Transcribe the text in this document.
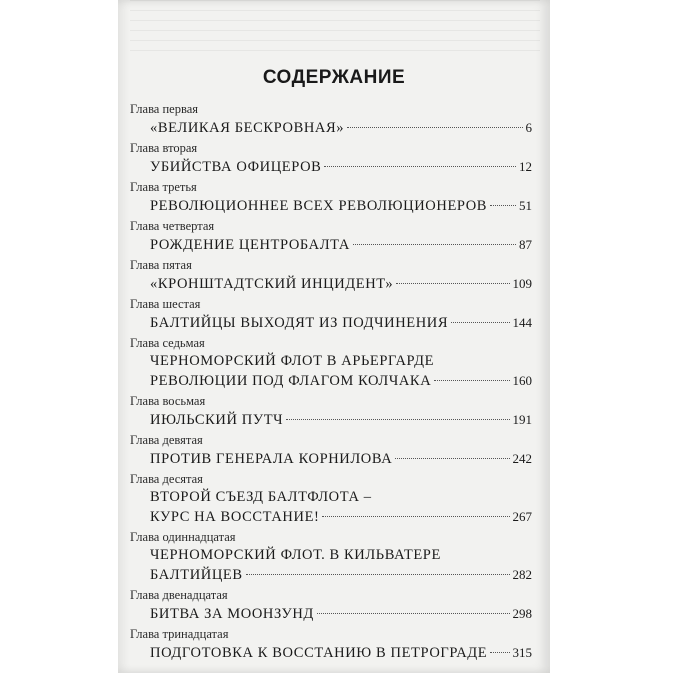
СОДЕРЖАНИЕ
Глава первая
«ВЕЛИКАЯ БЕСКРОВНАЯ»	6
Глава вторая
УБИЙСТВА ОФИЦЕРОВ	12
Глава третья
РЕВОЛЮЦИОННЕЕ ВСЕХ РЕВОЛЮЦИОНЕРОВ 51
Глава четвертая
РОЖДЕНИЕ ЦЕНТРОБАЛТА	87
Глава пятая
«КРОНШТАДТСКИЙ ИНЦИДЕНТ»	109
Глава шестая
БАЛТИЙЦЫ ВЫХОДЯТ ИЗ ПОДЧИНЕНИЯ	144
Глава седьмая
ЧЕРНОМОРСКИЙ ФЛОТ В АРЬЕРГАРДЕ
РЕВОЛЮЦИИ ПОД ФЛАГОМ КОЛЧАКА	160
Глава восьмая
ИЮЛЬСКИЙ ПУТЧ	191
Глава девятая
ПРОТИВ ГЕНЕРАЛА КОРНИЛОВА	242
Глава десятая
ВТОРОЙ СЪЕЗД БАЛТФЛОТА –
КУРС НА ВОССТАНИЕ!	267
Глава одиннадцатая
ЧЕРНОМОРСКИЙ ФЛОТ. В КИЛЬВАТЕРЕ
БАЛТИЙЦЕВ	282
Глава двенадцатая
БИТВА ЗА МООНЗУНД	298
Глава тринадцатая
ПОДГОТОВКА К ВОССТАНИЮ В ПЕТРОГРАДЕ 315
